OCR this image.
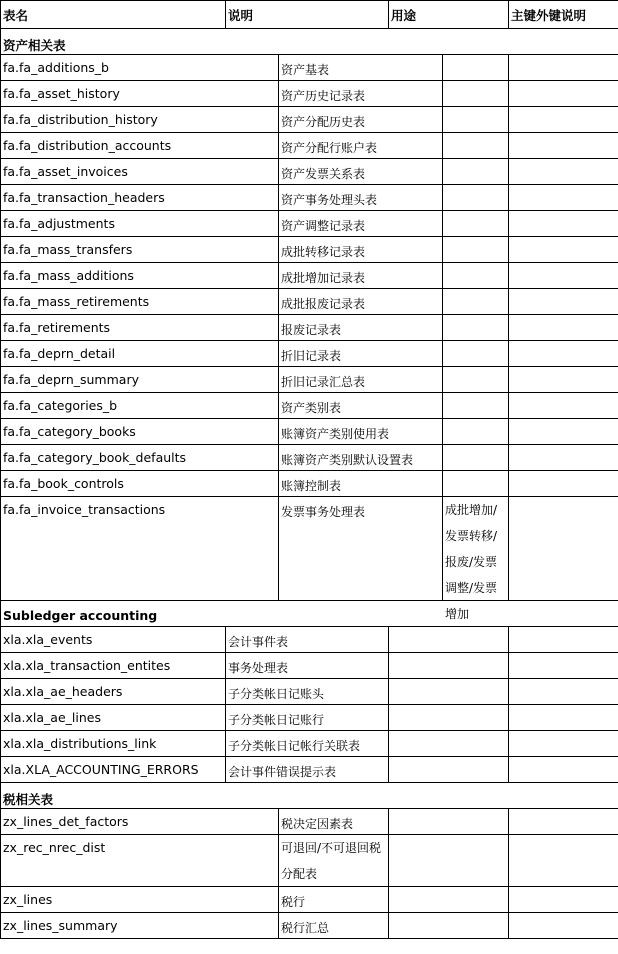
表名	说明	用途	主键外键说明
资产相关表
fa.fa_additions_b	资产基表
fa.fa_asset_history	资产历史记录表
fa.fa_distribution_history	资产分配历史表
fa.fa_distribution_accounts	资产分配行账户表
fa.fa_asset_invoices	资产发票关系表
fa.fa_transaction_headers	资产事务处理头表
fa.fa_adjustments	资产调整记录表
fa.fa_mass_transfers	成批转移记录表
fa.fa_mass_additions	成批增加记录表
fa.fa_mass_retirements	成批报废记录表
fa.fa_retirements	报废记录表
fa.fa_deprn_detail	折旧记录表
fa.fa_deprn_summary	折旧记录汇总表
fa.fa_categories_b	资产类别表
fa.fa_category_books	账簿资产类别使用表
fa.fa_category_book_defaults	账簿资产类别默认设置表
fa.fa_book_controls	账簿控制表
fa.fa_invoice_transactions	发票事务处理表	成批增加/发票转移/报废/发票调整/发票增加
Subledger accounting
xla.xla_events	会计事件表
xla.xla_transaction_entites	事务处理表
xla.xla_ae_headers	子分类帐日记账头
xla.xla_ae_lines	子分类帐日记账行
xla.xla_distributions_link	子分类帐日记帐行关联表
xla.XLA_ACCOUNTING_ERRORS 会计事件错误提示表
税相关表
zx_lines_det_factors	税决定因素表
zx_rec_nrec_dist	可退回/不可退回税分配表
zx_lines	税行
zx_lines_summary	税行汇总
